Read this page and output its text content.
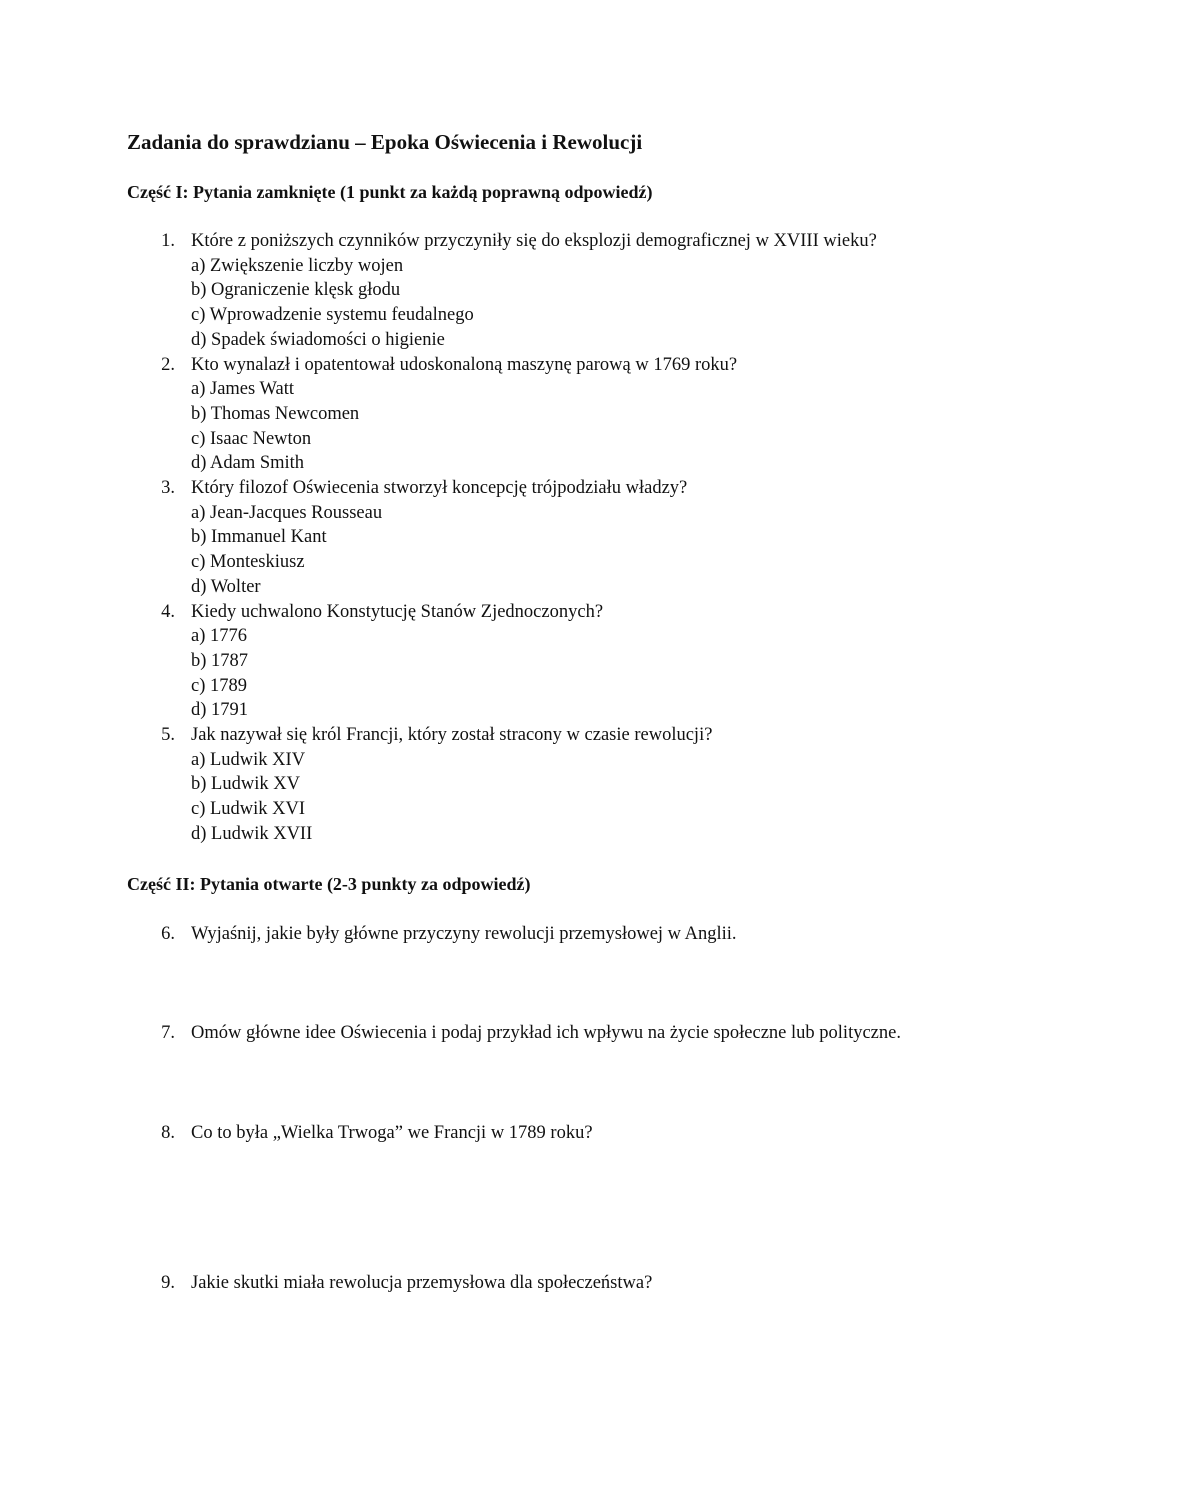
Zadania do sprawdzianu – Epoka Oświecenia i Rewolucji
Część I: Pytania zamknięte (1 punkt za każdą poprawną odpowiedź)
1. Które z poniższych czynników przyczyniły się do eksplozji demograficznej w XVIII wieku?
a) Zwiększenie liczby wojen
b) Ograniczenie klęsk głodu
c) Wprowadzenie systemu feudalnego
d) Spadek świadomości o higienie
2. Kto wynalazł i opatentował udoskonaloną maszynę parową w 1769 roku?
a) James Watt
b) Thomas Newcomen
c) Isaac Newton
d) Adam Smith
3. Który filozof Oświecenia stworzył koncepcję trójpodziału władzy?
a) Jean-Jacques Rousseau
b) Immanuel Kant
c) Monteskiusz
d) Wolter
4. Kiedy uchwalono Konstytucję Stanów Zjednoczonych?
a) 1776
b) 1787
c) 1789
d) 1791
5. Jak nazywał się król Francji, który został stracony w czasie rewolucji?
a) Ludwik XIV
b) Ludwik XV
c) Ludwik XVI
d) Ludwik XVII
Część II: Pytania otwarte (2-3 punkty za odpowiedź)
6. Wyjaśnij, jakie były główne przyczyny rewolucji przemysłowej w Anglii.
7. Omów główne idee Oświecenia i podaj przykład ich wpływu na życie społeczne lub polityczne.
8. Co to była „Wielka Trwoga” we Francji w 1789 roku?
9. Jakie skutki miała rewolucja przemysłowa dla społeczeństwa?
